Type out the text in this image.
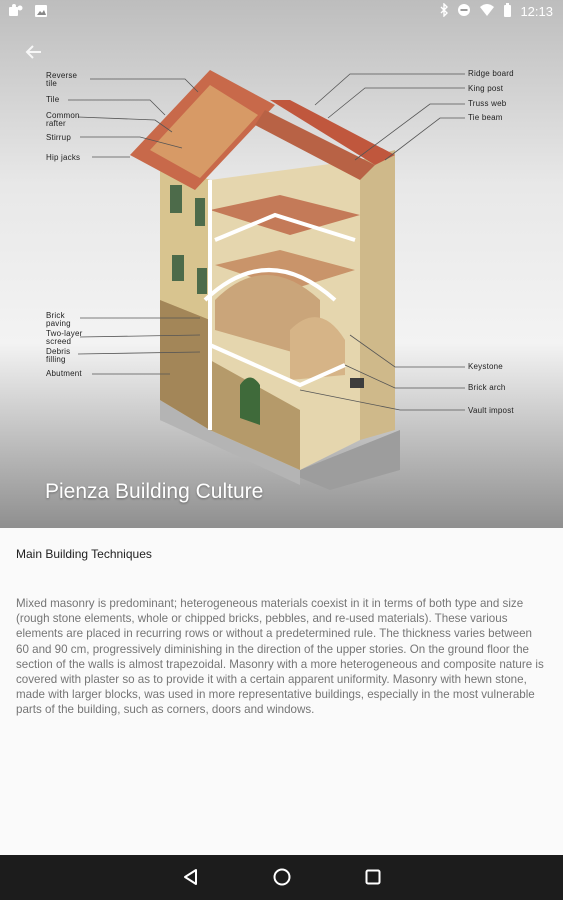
Reverse
tile
Tile
Common
rafter
Stirrup
Hip jacks
Brick
paving
Two-layer
screed
Debris
filling
Abutment
Ridge board
King post
Truss web
Tie beam
Keystone
Brick arch
Vault impost
Pienza Building Culture
12:13
Main Building Techniques
Mixed masonry is predominant; heterogeneous materials coexist in it in terms of both type and size (rough stone elements, whole or chipped bricks, pebbles, and re-used materials). These various elements are placed in recurring rows or without a predetermined rule. The thickness varies between 60 and 90 cm, progressively diminishing in the direction of the upper stories. On the ground floor the section of the walls is almost trapezoidal. Masonry with a more heterogeneous and composite nature is covered with plaster so as to provide it with a certain apparent uniformity. Masonry with hewn stone, made with larger blocks, was used in more representative buildings, especially in the most vulnerable parts of the building, such as corners, doors and windows.
